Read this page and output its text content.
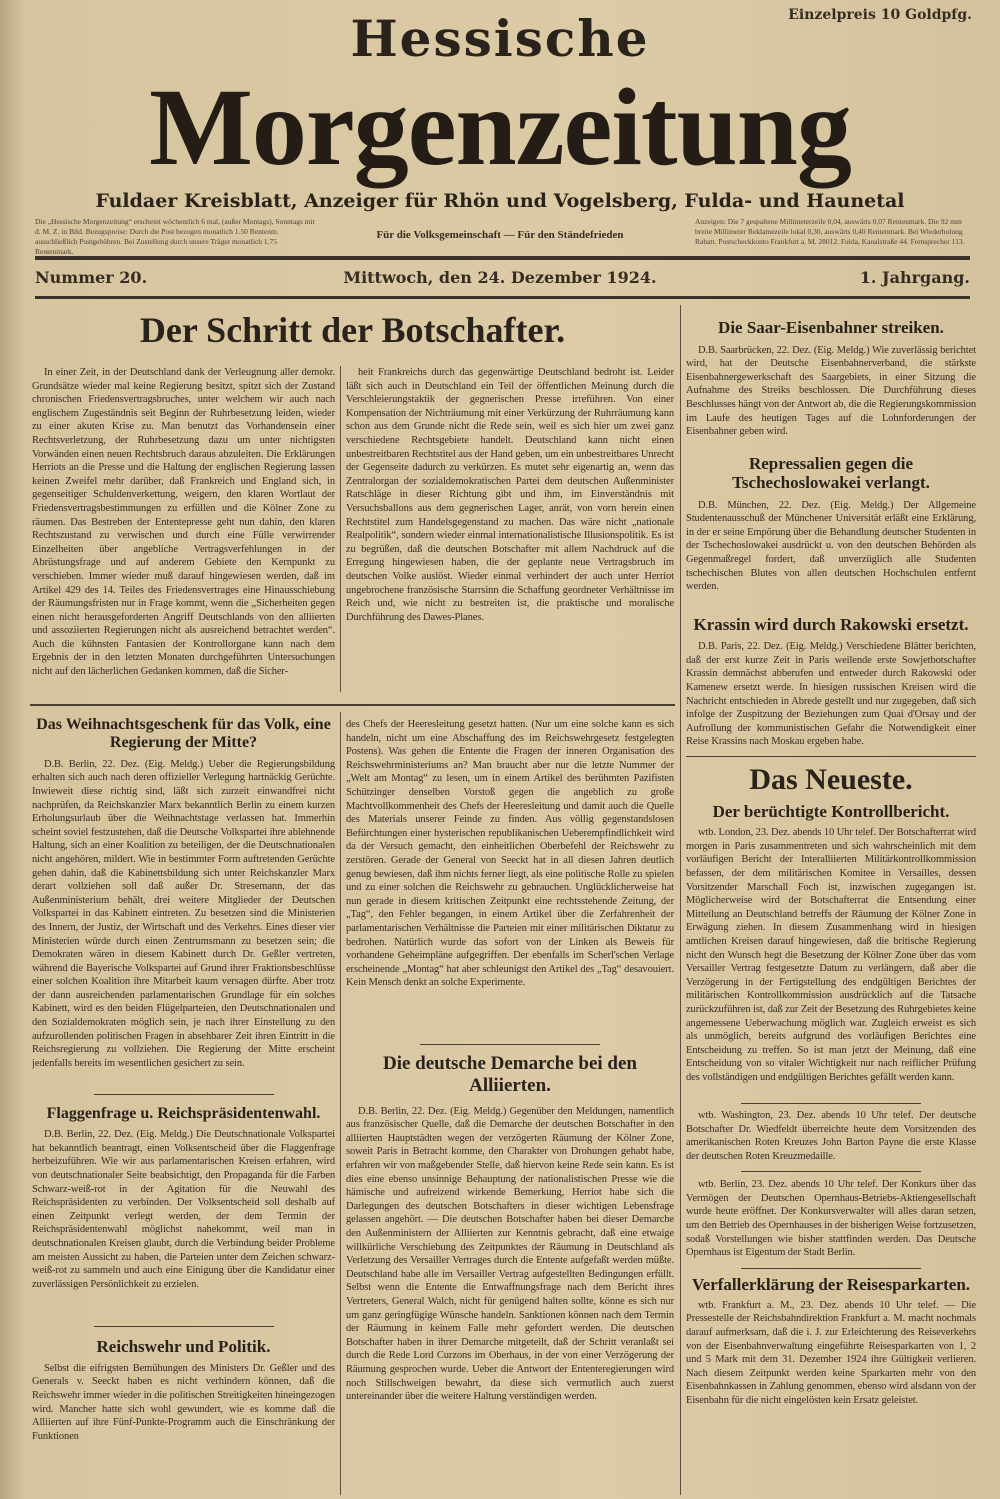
Einzelpreis 10 Goldpfg.
Hessische
Morgenzeitung
Fuldaer Kreisblatt, Anzeiger für Rhön und Vogelsberg, Fulda- und Haunetal
Die „Hessische Morgenzeitung“ erscheint wöchentlich 6 mal, (außer Montags), Sonntags mit d. M. Z. in Bild. Bezugspreise: Durch die Post bezogen monatlich 1.50 Rentenm. ausschließlich Postgebühren. Bei Zustellung durch unsere Träger monatlich 1.75 Rentenmark.
Für die Volksgemeinschaft — Für den Ständefrieden
Anzeigen: Die 7 gespaltene Millimeterzeile 0,04, auswärts 0,07 Rentenmark. Die 92 mm breite Millimeter Reklamezeile lokal 0,30, auswärts 0,40 Rentenmark. Bei Wiederholung Rabatt. Postscheckkonto Frankfurt a. M. 28012. Fulda, Kanalstraße 44. Fernsprecher 113.
Nummer 20.	Mittwoch, den 24. Dezember 1924.	1. Jahrgang.
Der Schritt der Botschafter.
In einer Zeit, in der Deutschland dank der Verleugnung aller demokr. Grundsätze wieder mal keine Regierung besitzt, spitzt sich der Zustand chronischen Friedensvertragsbruches, unter welchem wir auch nach englischem Zugeständnis seit Beginn der Ruhrbesetzung leiden, wieder zu einer akuten Krise zu. Man benutzt das Vorhandensein einer Rechtsverletzung, der Ruhrbesetzung dazu um unter nichtigsten Vorwänden einen neuen Rechtsbruch daraus abzuleiten. Die Erklärungen Herriots an die Presse und die Haltung der englischen Regierung lassen keinen Zweifel mehr darüber, daß Frankreich und England sich, in gegenseitiger Schuldenverkettung, weigern, den klaren Wortlaut der Friedensvertragsbestimmungen zu erfüllen und die Kölner Zone zu räumen. Das Bestreben der Ententepresse geht nun dahin, den klaren Rechtszustand zu verwischen und durch eine Fülle verwirrender Einzelheiten über angebliche Vertragsverfehlungen in der Abrüstungsfrage und auf anderem Gebiete den Kernpunkt zu verschieben. Immer wieder muß darauf hingewiesen werden, daß im Artikel 429 des 14. Teiles des Friedensvertrages eine Hinausschiebung der Räumungsfristen nur in Frage kommt, wenn die „Sicherheiten gegen einen nicht herausgeforderten Angriff Deutschlands von den alliierten und assoziierten Regierungen nicht als ausreichend betrachtet werden“. Auch die kühnsten Fantasien der Kontrollorgane kann nach dem Ergebnis der in den letzten Monaten durchgeführten Untersuchungen nicht auf den lächerlichen Gedanken kommen, daß die Sicher-
heit Frankreichs durch das gegenwärtige Deutschland bedroht ist. Leider läßt sich auch in Deutschland ein Teil der öffentlichen Meinung durch die Verschleierungstaktik der gegnerischen Presse irreführen. Von einer Kompensation der Nichträumung mit einer Verkürzung der Ruhrräumung kann schon aus dem Grunde nicht die Rede sein, weil es sich hier um zwei ganz verschiedene Rechtsgebiete handelt. Deutschland kann nicht einen unbestreitbaren Rechtstitel aus der Hand geben, um ein unbestreitbares Unrecht der Gegenseite dadurch zu verkürzen. Es mutet sehr eigenartig an, wenn das Zentralorgan der sozialdemokratischen Partei dem deutschen Außenminister Ratschläge in dieser Richtung gibt und ihm, im Einverständnis mit Versuchsballons aus dem gegnerischen Lager, anrät, von vorn herein einen Rechtstitel zum Handelsgegenstand zu machen. Das wäre nicht „nationale Realpolitik“, sondern wieder einmal internationalistische Illusionspolitik. Es ist zu begrüßen, daß die deutschen Botschafter mit allem Nachdruck auf die Erregung hingewiesen haben, die der geplante neue Vertragsbruch im deutschen Volke auslöst. Wieder einmal verhindert der auch unter Herriot ungebrochene französische Starrsinn die Schaffung geordneter Verhältnisse im Reich und, wie nicht zu bestreiten ist, die praktische und moralische Durchführung des Dawes-Planes.
Die Saar-Eisenbahner streiken.
D.B. Saarbrücken, 22. Dez. (Eig. Meldg.) Wie zuverlässig berichtet wird, hat der Deutsche Eisenbahnerverband, die stärkste Eisenbahnergewerkschaft des Saargebiets, in einer Sitzung die Aufnahme des Streiks beschlossen. Die Durchführung dieses Beschlusses hängt von der Antwort ab, die die Regierungskommission im Laufe des heutigen Tages auf die Lohnforderungen der Eisenbahner geben wird.
Repressalien gegen die Tschechoslowakei verlangt.
D.B. München, 22. Dez. (Eig. Meldg.) Der Allgemeine Studentenausschuß der Münchener Universität erläßt eine Erklärung, in der er seine Empörung über die Behandlung deutscher Studenten in der Tschechoslowakei ausdrückt u. von den deutschen Behörden als Gegenmaßregel fordert, daß unverzüglich alle Studenten tschechischen Blutes von allen deutschen Hochschulen entfernt werden.
Krassin wird durch Rakowski ersetzt.
D.B. Paris, 22. Dez. (Eig. Meldg.) Verschiedene Blätter berichten, daß der erst kurze Zeit in Paris weilende erste Sowjetbotschafter Krassin demnächst abberufen und entweder durch Rakowski oder Kamenew ersetzt werde. In hiesigen russischen Kreisen wird die Nachricht entschieden in Abrede gestellt und nur zugegeben, daß sich infolge der Zuspitzung der Beziehungen zum Quai d'Orsay und der Aufrollung der kommunistischen Gefahr die Notwendigkeit einer Reise Krassins nach Moskau ergeben habe.
Das Neueste.
Der berüchtigte Kontrollbericht.
wtb. London, 23. Dez. abends 10 Uhr telef. Der Botschafterrat wird morgen in Paris zusammentreten und sich wahrscheinlich mit dem vorläufigen Bericht der Interalliierten Militärkontrollkommission befassen, der dem militärischen Komitee in Versailles, dessen Vorsitzender Marschall Foch ist, inzwischen zugegangen ist. Möglicherweise wird der Botschafterrat die Entsendung einer Mitteilung an Deutschland betreffs der Räumung der Kölner Zone in Erwägung ziehen. In diesem Zusammenhang wird in hiesigen amtlichen Kreisen darauf hingewiesen, daß die britische Regierung nicht den Wunsch hegt die Besetzung der Kölner Zone über das vom Versailler Vertrag festgesetzte Datum zu verlängern, daß aber die Verzögerung in der Fertigstellung des endgültigen Berichtes der militärischen Kontrollkommission ausdrücklich auf die Tatsache zurückzuführen ist, daß zur Zeit der Besetzung des Ruhrgebietes keine angemessene Ueberwachung möglich war. Zugleich erweist es sich als unmöglich, bereits aufgrund des vorläufigen Berichtes eine Entscheidung zu treffen. So ist man jetzt der Meinung, daß eine Entscheidung von so vitaler Wichtigkeit nur nach reiflicher Prüfung des vollständigen und endgültigen Berichtes gefällt werden kann.
wtb. Washington, 23. Dez. abends 10 Uhr telef. Der deutsche Botschafter Dr. Wiedfeldt überreichte heute dem Vorsitzenden des amerikanischen Roten Kreuzes John Barton Payne die erste Klasse der deutschen Roten Kreuzmedaille.
wtb. Berlin, 23. Dez. abends 10 Uhr telef. Der Konkurs über das Vermögen der Deutschen Opernhaus-Betriebs-Aktiengesellschaft wurde heute eröffnet. Der Konkursverwalter will alles daran setzen, um den Betrieb des Opernhauses in der bisherigen Weise fortzusetzen, sodaß Vorstellungen wie bisher stattfinden werden. Das Deutsche Opernhaus ist Eigentum der Stadt Berlin.
Verfallerklärung der Reisesparkarten.
wtb. Frankfurt a. M., 23. Dez. abends 10 Uhr telef. — Die Pressestelle der Reichsbahndirektion Frankfurt a. M. macht nochmals darauf aufmerksam, daß die i. J. zur Erleichterung des Reiseverkehrs von der Eisenbahnverwaltung eingeführte Reisesparkarten von 1, 2 und 5 Mark mit dem 31. Dezember 1924 ihre Gültigkeit verlieren. Nach diesem Zeitpunkt werden keine Sparkarten mehr von den Eisenbahnkassen in Zahlung genommen, ebenso wird alsdann von der Eisenbahn für die nicht eingelösten kein Ersatz geleistet.
Das Weihnachtsgeschenk für das Volk, eine Regierung der Mitte?
D.B. Berlin, 22. Dez. (Eig. Meldg.) Ueber die Regierungsbildung erhalten sich auch nach deren offizieller Verlegung hartnäckig Gerüchte. Inwieweit diese richtig sind, läßt sich zurzeit einwandfrei nicht nachprüfen, da Reichskanzler Marx bekanntlich Berlin zu einem kurzen Erholungsurlaub über die Weihnachtstage verlassen hat. Immerhin scheint soviel festzustehen, daß die Deutsche Volkspartei ihre ablehnende Haltung, sich an einer Koalition zu beteiligen, der die Deutschnationalen nicht angehören, mildert. Wie in bestimmter Form auftretenden Gerüchte gehen dahin, daß die Kabinettsbildung sich unter Reichskanzler Marx derart vollziehen soll daß außer Dr. Stresemann, der das Außenministerium behält, drei weitere Mitglieder der Deutschen Volkspartei in das Kabinett eintreten. Zu besetzen sind die Ministerien des Innern, der Justiz, der Wirtschaft und des Verkehrs. Eines dieser vier Ministerien würde durch einen Zentrumsmann zu besetzen sein; die Demokraten wären in diesem Kabinett durch Dr. Geßler vertreten, während die Bayerische Volkspartei auf Grund ihrer Fraktionsbeschlüsse einer solchen Koalition ihre Mitarbeit kaum versagen dürfte. Aber trotz der dann ausreichenden parlamentarischen Grundlage für ein solches Kabinett, wird es den beiden Flügelparteien, den Deutschnationalen und den Sozialdemokraten möglich sein, je nach ihrer Einstellung zu den aufzurollenden politischen Fragen in absehbarer Zeit ihren Eintritt in die Reichsregierung zu vollziehen. Die Regierung der Mitte erscheint jedenfalls bereits im wesentlichen gesichert zu sein.
Flaggenfrage u. Reichspräsidentenwahl.
D.B. Berlin, 22. Dez. (Eig. Meldg.) Die Deutschnationale Volkspartei hat bekanntlich beantragt, einen Volksentscheid über die Flaggenfrage herbeizuführen. Wie wir aus parlamentarischen Kreisen erfahren, wird von deutschnationaler Seite beabsichtigt, den Propaganda für die Farben Schwarz-weiß-rot in der Agitation für die Neuwahl des Reichspräsidenten zu verbinden. Der Volksentscheid soll deshalb auf einen Zeitpunkt verlegt werden, der dem Termin der Reichspräsidentenwahl möglichst nahekommt, weil man in deutschnationalen Kreisen glaubt, durch die Verbindung beider Probleme am meisten Aussicht zu haben, die Parteien unter dem Zeichen schwarz-weiß-rot zu sammeln und auch eine Einigung über die Kandidatur einer zuverlässigen Persönlichkeit zu erzielen.
Reichswehr und Politik.
Selbst die eifrigsten Bemühungen des Ministers Dr. Geßler und des Generals v. Seeckt haben es nicht verhindern können, daß die Reichswehr immer wieder in die politischen Streitigkeiten hineingezogen wird. Mancher hatte sich wohl gewundert, wie es komme daß die Alliierten auf ihre Fünf-Punkte-Programm auch die Einschränkung der Funktionen
des Chefs der Heeresleitung gesetzt hatten. (Nur um eine solche kann es sich handeln, nicht um eine Abschaffung des im Reichswehrgesetz festgelegten Postens). Was gehen die Entente die Fragen der inneren Organisation des Reichswehrministeriums an? Man braucht aber nur die letzte Nummer der „Welt am Montag“ zu lesen, um in einem Artikel des berühmten Pazifisten Schützinger denselben Vorstoß gegen die angeblich zu große Machtvollkommenheit des Chefs der Heeresleitung und damit auch die Quelle des Materials unserer Feinde zu finden. Aus völlig gegenstandslosen Befürchtungen einer hysterischen republikanischen Ueberempfindlichkeit wird da der Versuch gemacht, den einheitlichen Oberbefehl der Reichswehr zu zerstören. Gerade der General von Seeckt hat in all diesen Jahren deutlich genug bewiesen, daß ihm nichts ferner liegt, als eine politische Rolle zu spielen und zu einer solchen die Reichswehr zu gebrauchen. Unglücklicherweise hat nun gerade in diesem kritischen Zeitpunkt eine rechtsstehende Zeitung, der „Tag“, den Fehler begangen, in einem Artikel über die Zerfahrenheit der parlamentarischen Verhältnisse die Parteien mit einer militärischen Diktatur zu bedrohen. Natürlich wurde das sofort von der Linken als Beweis für vorhandene Geheimpläne aufgegriffen. Der ebenfalls im Scherl'schen Verlage erscheinende „Montag“ hat aber schleunigst den Artikel des „Tag“ desavouiert. Kein Mensch denkt an solche Experimente.
Die deutsche Demarche bei den Alliierten.
D.B. Berlin, 22. Dez. (Eig. Meldg.) Gegenüber den Meldungen, namentlich aus französischer Quelle, daß die Demarche der deutschen Botschafter in den alliierten Hauptstädten wegen der verzögerten Räumung der Kölner Zone, soweit Paris in Betracht komme, den Charakter von Drohungen gehabt habe, erfahren wir von maßgebender Stelle, daß hiervon keine Rede sein kann. Es ist dies eine ebenso unsinnige Behauptung der nationalistischen Presse wie die hämische und aufreizend wirkende Bemerkung, Herriot habe sich die Darlegungen des deutschen Botschafters in dieser wichtigen Lebensfrage gelassen angehört. — Die deutschen Botschafter haben bei dieser Demarche den Außenministern der Alliierten zur Kenntnis gebracht, daß eine etwaige willkürliche Verschiebung des Zeitpunktes der Räumung in Deutschland als Verletzung des Versailler Vertrages durch die Entente aufgefaßt werden müßte. Deutschland habe alle im Versailler Vertrag aufgestellten Bedingungen erfüllt. Selbst wenn die Entente die Entwaffnungsfrage nach dem Bericht ihres Vertreters, General Walch, nicht für genügend halten sollte, könne es sich nur um ganz geringfügige Wünsche handeln. Sanktionen können nach dem Termin der Räumung in keinem Falle mehr gefordert werden. Die deutschen Botschafter haben in ihrer Demarche mitgeteilt, daß der Schritt veranlaßt sei durch die Rede Lord Curzons im Oberhaus, in der von einer Verzögerung der Räumung gesprochen wurde. Ueber die Antwort der Ententeregierungen wird noch Stillschweigen bewahrt, da diese sich vermutlich auch zuerst untereinander über die weitere Haltung verständigen werden.
